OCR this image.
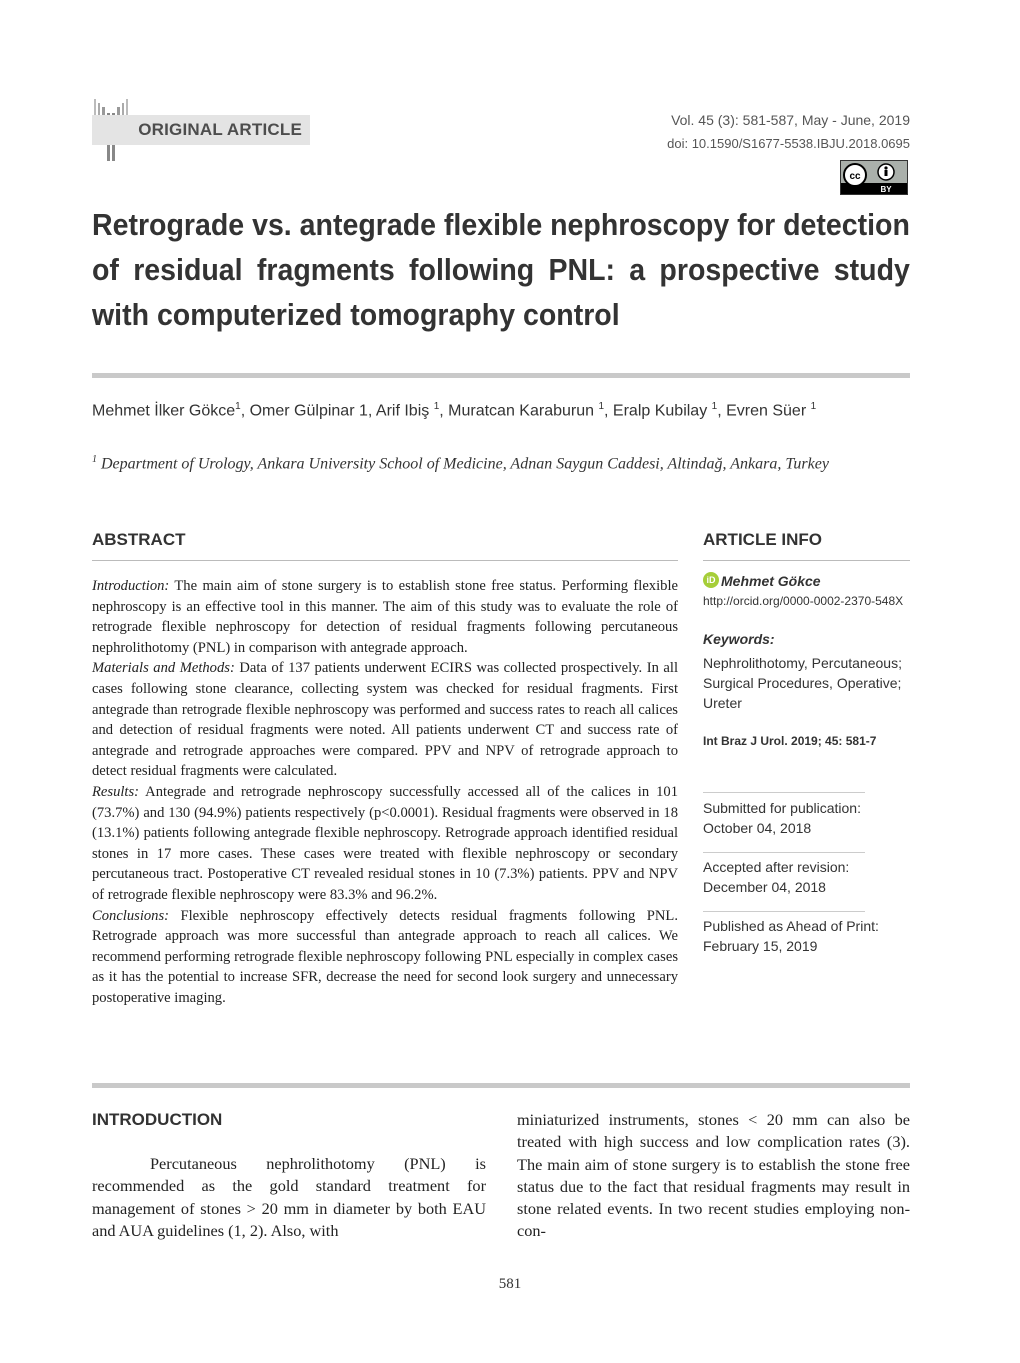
ORIGINAL ARTICLE	Vol. 45 (3): 581-587, May - June, 2019
doi: 10.1590/S1677-5538.IBJU.2018.0695
cc
BY
Retrograde vs. antegrade flexible nephroscopy for detection of residual fragments following PNL: a prospective study with computerized tomography control
Mehmet İlker Gökce$^1$, Omer Gülpinar 1, Arif Ibiş $^1$, Muratcan Karaburun $^1$, Eralp Kubilay $^1$, Evren Süer $^1$
$^1$ Department of Urology, Ankara University School of Medicine, Adnan Saygun Caddesi, Altindağ, Ankara, Turkey
ABSTRACT	ARTICLE INFO

Introduction: The main aim of stone surgery is to establish stone free status. Performing flexible nephroscopy is an effective tool in this manner. The aim of this study was to evaluate the role of retrograde flexible nephroscopy for detection of residual fragments following percutaneous nephrolithotomy (PNL) in comparison with antegrade approach.

Materials and Methods: Data of 137 patients underwent ECIRS was collected prospectively. In all cases following stone clearance, collecting system was checked for residual fragments. First antegrade than retrograde flexible nephroscopy was performed and success rates to reach all calices and detection of residual fragments were noted. All patients underwent CT and success rate of antegrade and retrograde approaches were compared. PPV and NPV of retrograde approach to detect residual fragments were calculated.

Results: Antegrade and retrograde nephroscopy successfully accessed all of the calices in 101 (73.7%) and 130 (94.9%) patients respectively (p<0.0001). Residual fragments were observed in 18 (13.1%) patients following antegrade flexible nephroscopy. Retrograde approach identified residual stones in 17 more cases. These cases were treated with flexible nephroscopy or secondary percutaneous tract. Postoperative CT revealed residual stones in 10 (7.3%) patients. PPV and NPV of retrograde flexible nephroscopy were 83.3% and 96.2%.

Conclusions: Flexible nephroscopy effectively detects residual fragments following PNL. Retrograde approach was more successful than antegrade approach to reach all calices. We recommend performing retrograde flexible nephroscopy following PNL especially in complex cases as it has the potential to increase SFR, decrease the need for second look surgery and unnecessary postoperative imaging.

iD Mehmet Gökce
http://orcid.org/0000-0002-2370-548X
Keywords:
Nephrolithotomy, Percutaneous; Surgical Procedures, Operative; Ureter
Int Braz J Urol. 2019; 45: 581-7
Submitted for publication:
October 04, 2018
Accepted after revision:
December 04, 2018
Published as Ahead of Print:
February 15, 2019
INTRODUCTION

Percutaneous nephrolithotomy (PNL) is recommended as the gold standard treatment for management of stones > 20 mm in diameter by both EAU and AUA guidelines (1, 2). Also, with

miniaturized instruments, stones < 20 mm can also be treated with high success and low complication rates (3). The main aim of stone surgery is to establish the stone free status due to the fact that residual fragments may result in stone related events. In two recent studies employing non-con-

581
